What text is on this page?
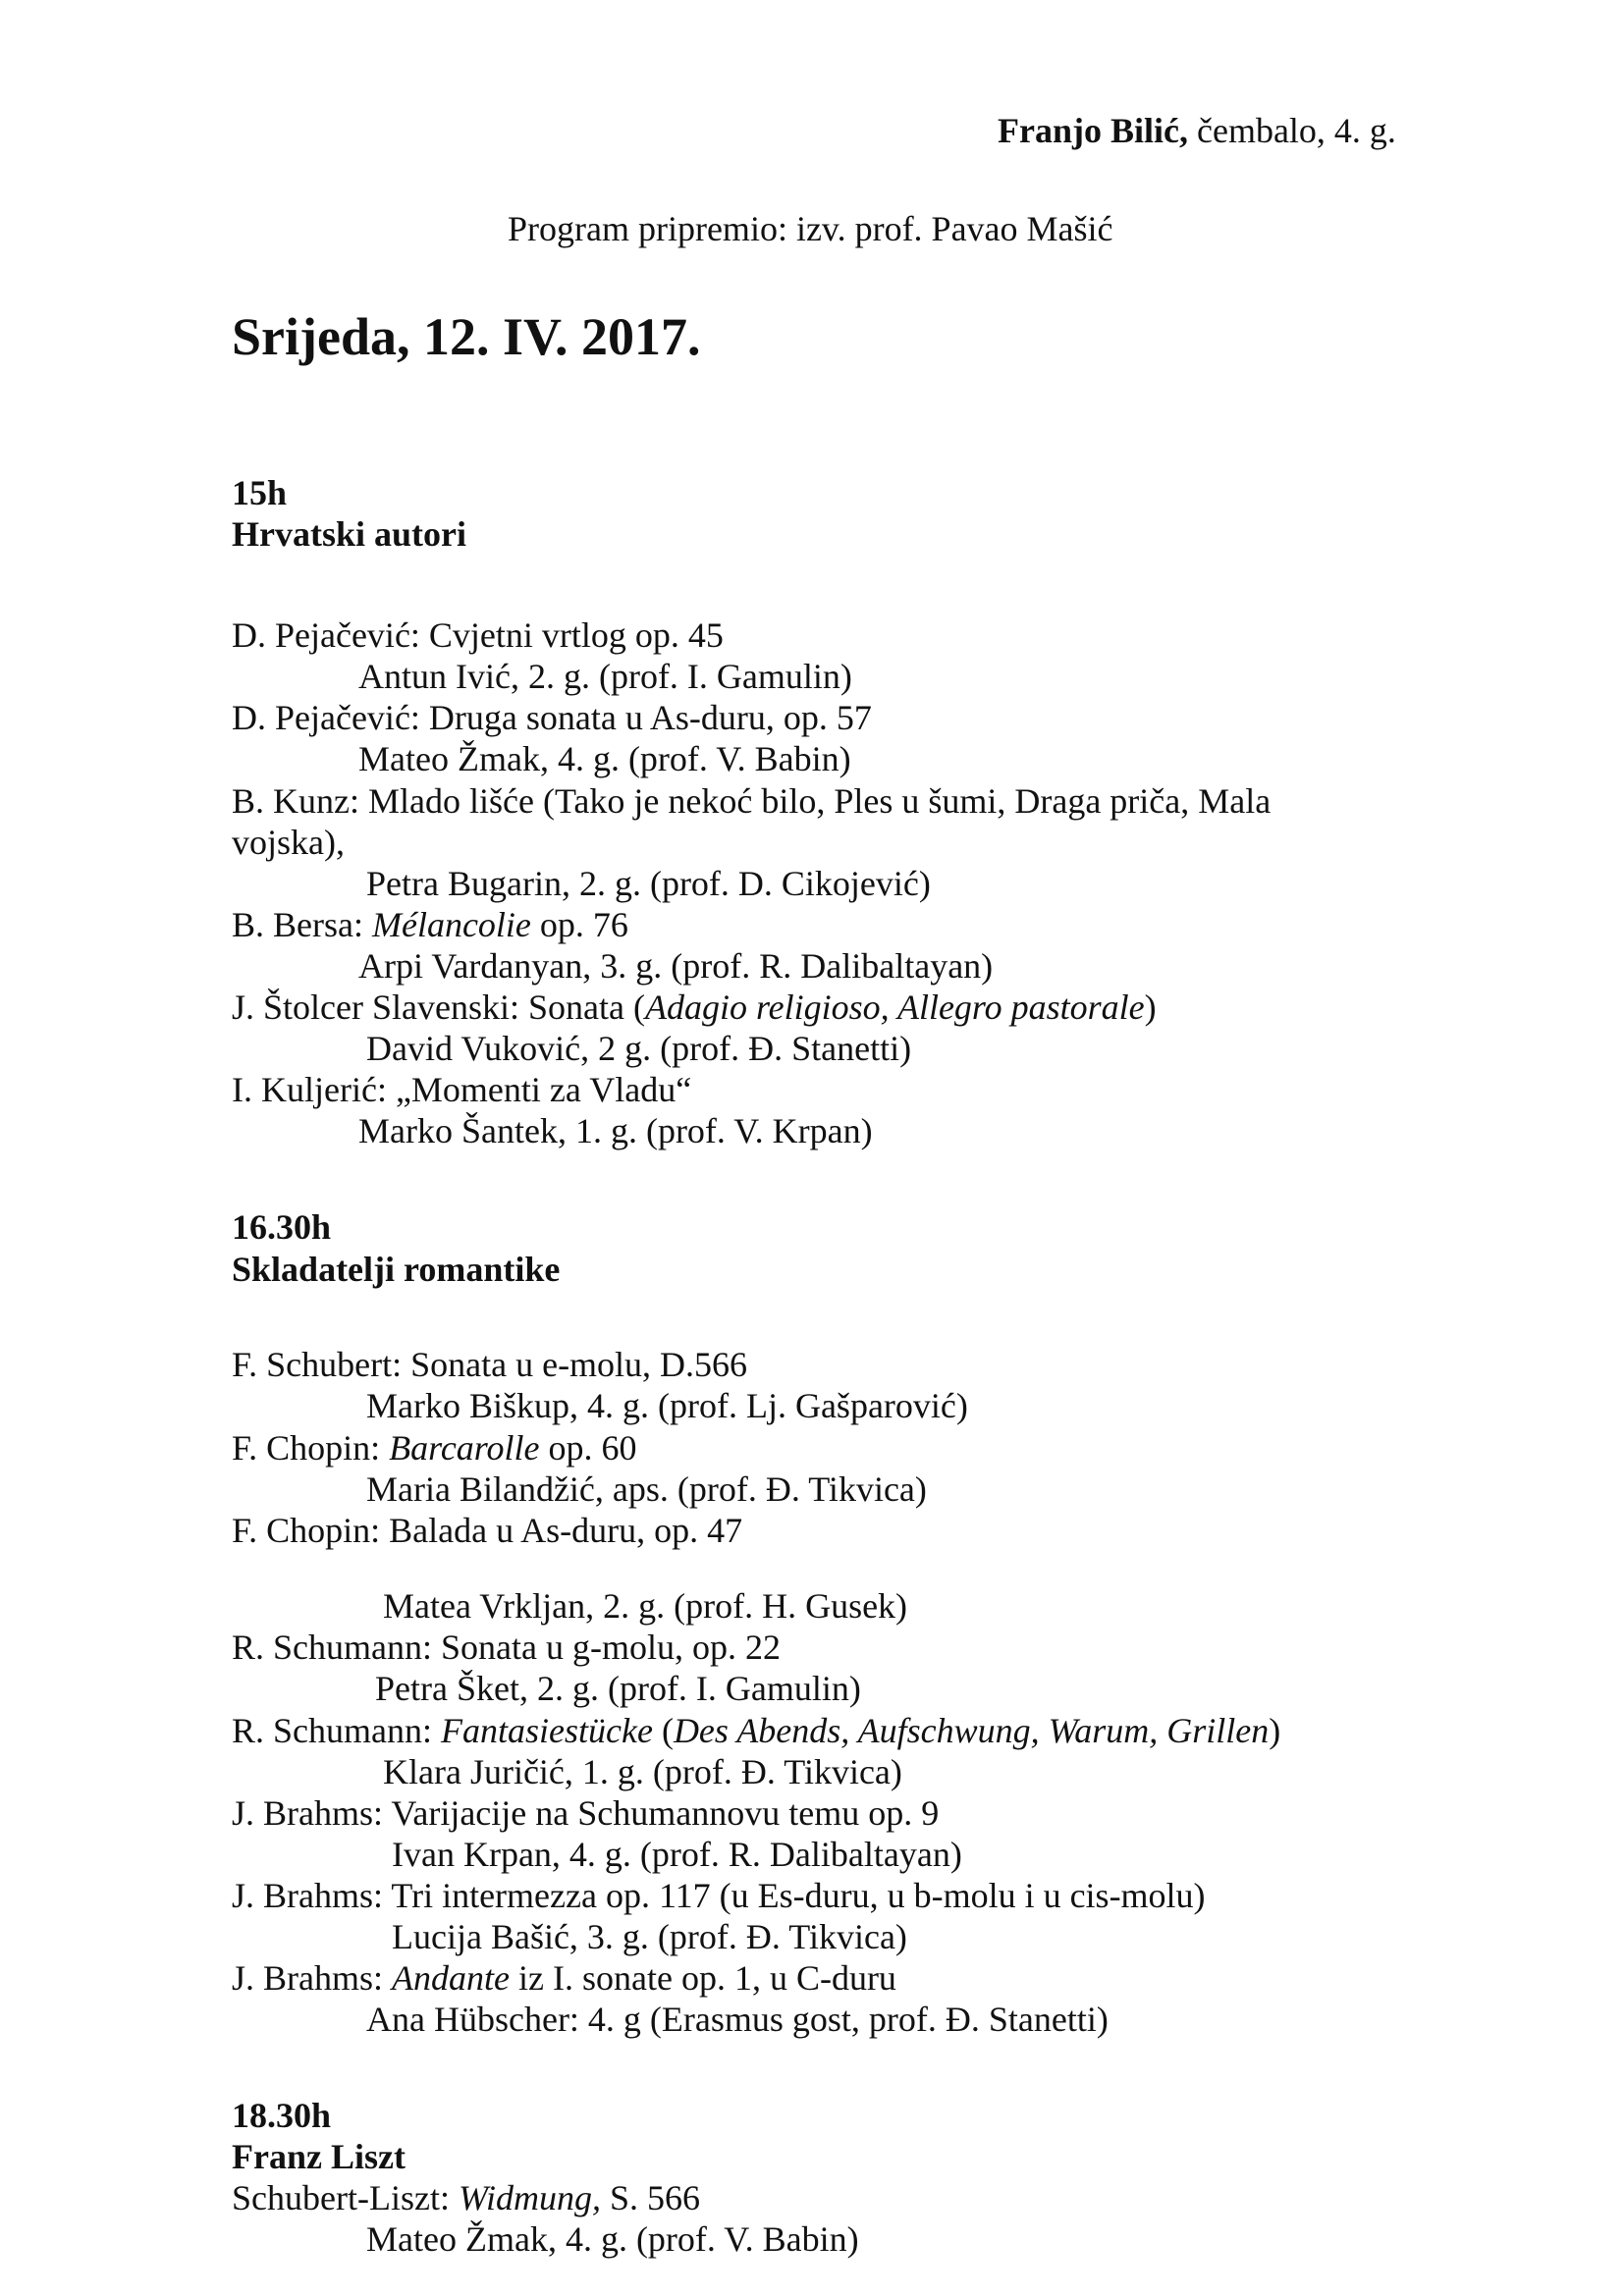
Franjo Bilić, čembalo, 4. g.
Program pripremio: izv. prof. Pavao Mašić
Srijeda, 12. IV. 2017.
15h
Hrvatski autori
D. Pejačević: Cvjetni vrtlog op. 45
Antun Ivić, 2. g. (prof. I. Gamulin)
D. Pejačević: Druga sonata u As-duru, op. 57
Mateo Žmak, 4. g. (prof. V. Babin)
B. Kunz: Mlado lišće (Tako je nekoć bilo, Ples u šumi, Draga priča, Mala
vojska),
Petra Bugarin, 2. g. (prof. D. Cikojević)
B. Bersa: Mélancolie op. 76
Arpi Vardanyan, 3. g. (prof. R. Dalibaltayan)
J. Štolcer Slavenski: Sonata (Adagio religioso, Allegro pastorale)
David Vuković, 2 g. (prof. Đ. Stanetti)
I. Kuljerić: „Momenti za Vladu“
Marko Šantek, 1. g. (prof. V. Krpan)
16.30h
Skladatelji romantike
F. Schubert: Sonata u e-molu, D.566
Marko Biškup, 4. g. (prof. Lj. Gašparović)
F. Chopin: Barcarolle op. 60
Maria Bilandžić, aps. (prof. Đ. Tikvica)
F. Chopin: Balada u As-duru, op. 47
Matea Vrkljan, 2. g. (prof. H. Gusek)
R. Schumann: Sonata u g-molu, op. 22
Petra Šket, 2. g. (prof. I. Gamulin)
R. Schumann: Fantasiestücke (Des Abends, Aufschwung, Warum, Grillen)
Klara Juričić, 1. g. (prof. Đ. Tikvica)
J. Brahms: Varijacije na Schumannovu temu op. 9
Ivan Krpan, 4. g. (prof. R. Dalibaltayan)
J. Brahms: Tri intermezza op. 117 (u Es-duru, u b-molu i u cis-molu)
Lucija Bašić, 3. g. (prof. Đ. Tikvica)
J. Brahms: Andante iz I. sonate op. 1, u C-duru
Ana Hübscher: 4. g (Erasmus gost, prof. Đ. Stanetti)
18.30h
Franz Liszt
Schubert-Liszt: Widmung, S. 566
Mateo Žmak, 4. g. (prof. V. Babin)
